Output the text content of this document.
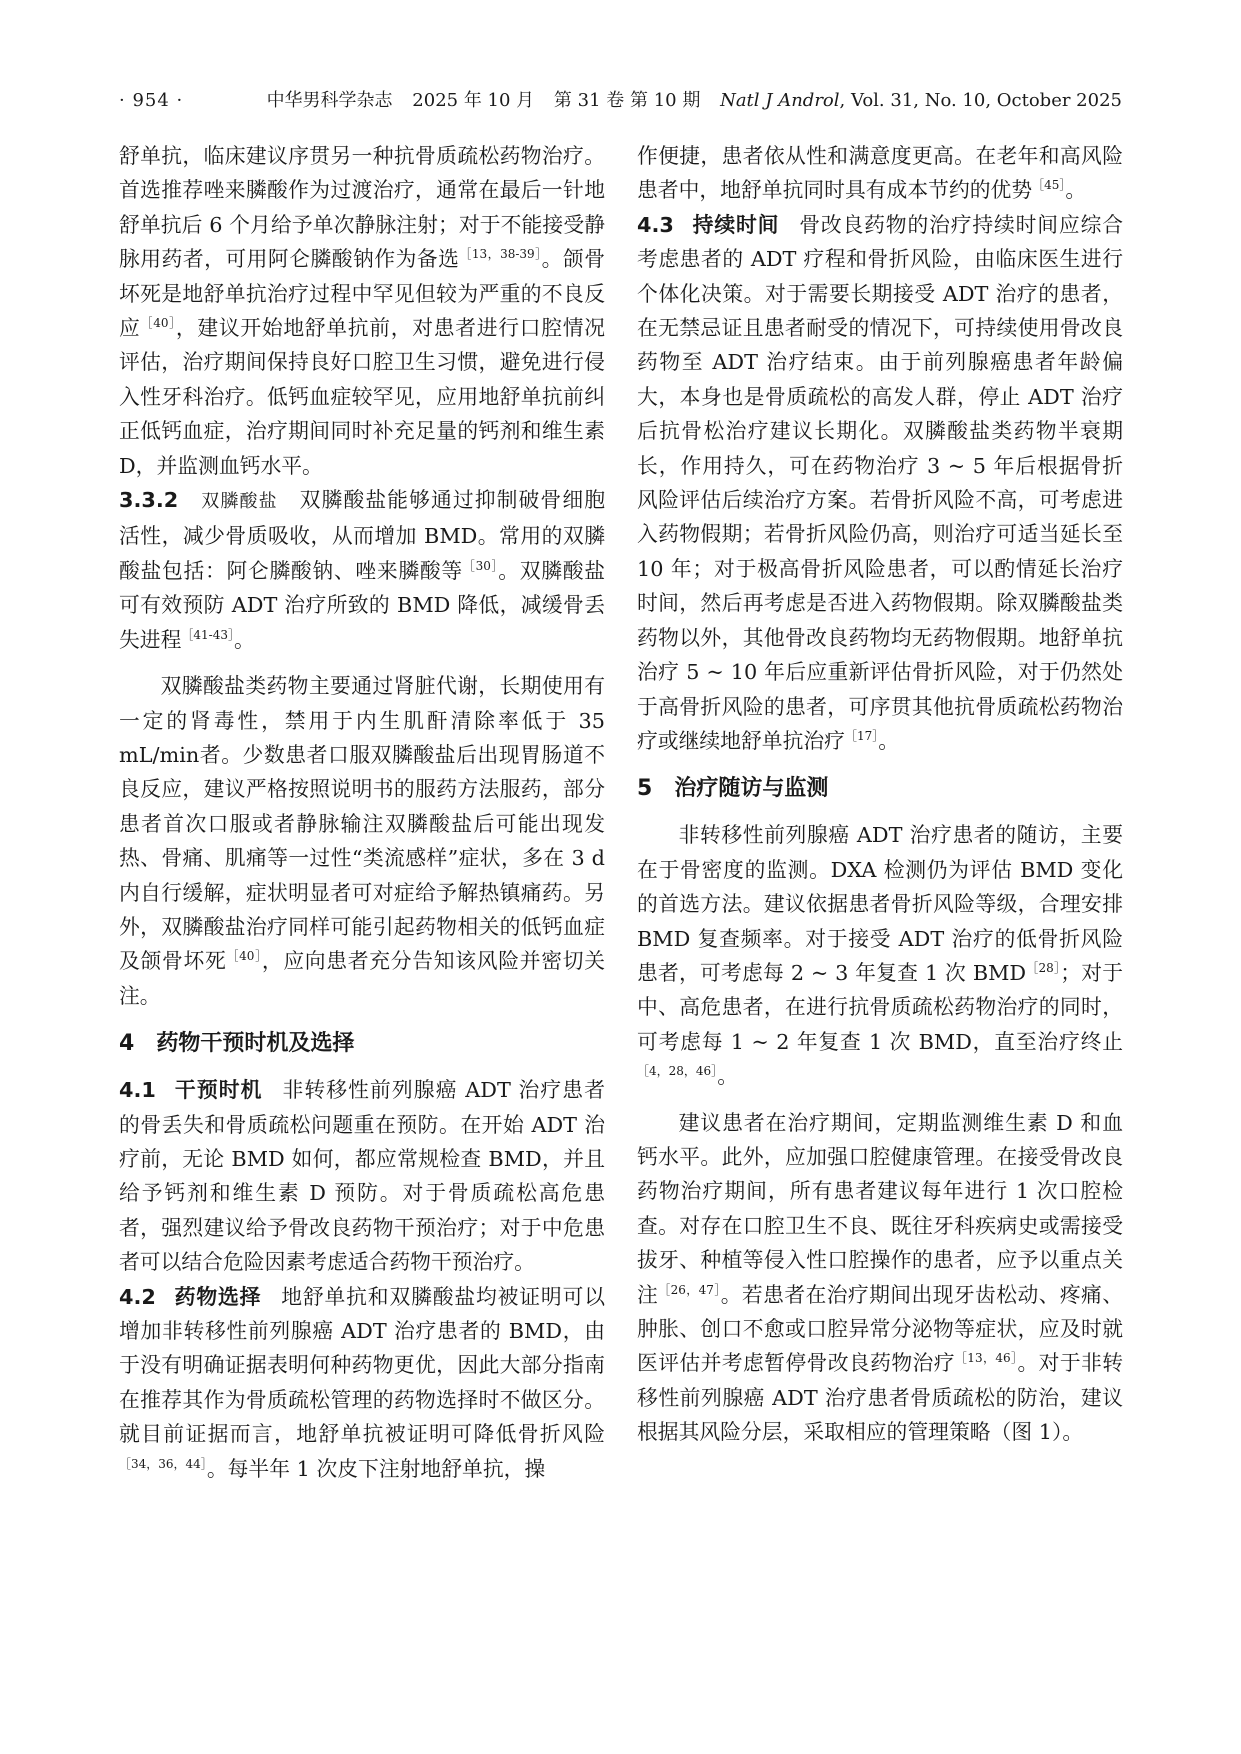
· 954 ·	中华男科学杂志 2025 年 10 月 第 31 卷 第 10 期 Natl J Androl, Vol. 31, No. 10, October 2025

舒单抗，临床建议序贯另一种抗骨质疏松药物治疗。首选推荐唑来膦酸作为过渡治疗，通常在最后一针地舒单抗后 6 个月给予单次静脉注射；对于不能接受静脉用药者，可用阿仑膦酸钠作为备选$^{[13,38-39]}$。颌骨坏死是地舒单抗治疗过程中罕见但较为严重的不良反应$^{[40]}$，建议开始地舒单抗前，对患者进行口腔情况评估，治疗期间保持良好口腔卫生习惯，避免进行侵入性牙科治疗。低钙血症较罕见，应用地舒单抗前纠正低钙血症，治疗期间同时补充足量的钙剂和维生素 D，并监测血钙水平。

3.3.2 双膦酸盐 双膦酸盐能够通过抑制破骨细胞活性，减少骨质吸收，从而增加 BMD。常用的双膦酸盐包括：阿仑膦酸钠、唑来膦酸等$^{[30]}$。双膦酸盐可有效预防 ADT 治疗所致的 BMD 降低，减缓骨丢失进程$^{[41-43]}$。

双膦酸盐类药物主要通过肾脏代谢，长期使用有一定的肾毒性，禁用于内生肌酐清除率低于 35 mL/min者。少数患者口服双膦酸盐后出现胃肠道不良反应，建议严格按照说明书的服药方法服药，部分患者首次口服或者静脉输注双膦酸盐后可能出现发热、骨痛、肌痛等一过性“类流感样”症状，多在 3 d 内自行缓解，症状明显者可对症给予解热镇痛药。另外，双膦酸盐治疗同样可能引起药物相关的低钙血症及颌骨坏死$^{[40]}$，应向患者充分告知该风险并密切关注。

4 药物干预时机及选择

4.1 干预时机 非转移性前列腺癌 ADT 治疗患者的骨丢失和骨质疏松问题重在预防。在开始 ADT 治疗前，无论 BMD 如何，都应常规检查 BMD，并且给予钙剂和维生素 D 预防。对于骨质疏松高危患者，强烈建议给予骨改良药物干预治疗；对于中危患者可以结合危险因素考虑适合药物干预治疗。

4.2 药物选择 地舒单抗和双膦酸盐均被证明可以增加非转移性前列腺癌 ADT 治疗患者的 BMD，由于没有明确证据表明何种药物更优，因此大部分指南在推荐其作为骨质疏松管理的药物选择时不做区分。就目前证据而言，地舒单抗被证明可降低骨折风险$^{[34,36,44]}$。每半年 1 次皮下注射地舒单抗，操

作便捷，患者依从性和满意度更高。在老年和高风险患者中，地舒单抗同时具有成本节约的优势$^{[45]}$。

4.3 持续时间 骨改良药物的治疗持续时间应综合考虑患者的 ADT 疗程和骨折风险，由临床医生进行个体化决策。对于需要长期接受 ADT 治疗的患者，在无禁忌证且患者耐受的情况下，可持续使用骨改良药物至 ADT 治疗结束。由于前列腺癌患者年龄偏大，本身也是骨质疏松的高发人群，停止 ADT 治疗后抗骨松治疗建议长期化。双膦酸盐类药物半衰期长，作用持久，可在药物治疗 3 ~ 5 年后根据骨折风险评估后续治疗方案。若骨折风险不高，可考虑进入药物假期；若骨折风险仍高，则治疗可适当延长至 10 年；对于极高骨折风险患者，可以酌情延长治疗时间，然后再考虑是否进入药物假期。除双膦酸盐类药物以外，其他骨改良药物均无药物假期。地舒单抗治疗 5 ~ 10 年后应重新评估骨折风险，对于仍然处于高骨折风险的患者，可序贯其他抗骨质疏松药物治疗或继续地舒单抗治疗$^{[17]}$。

5 治疗随访与监测

非转移性前列腺癌 ADT 治疗患者的随访，主要在于骨密度的监测。DXA 检测仍为评估 BMD 变化的首选方法。建议依据患者骨折风险等级，合理安排 BMD 复查频率。对于接受 ADT 治疗的低骨折风险患者，可考虑每 2 ~ 3 年复查 1 次 BMD$^{[28]}$；对于中、高危患者，在进行抗骨质疏松药物治疗的同时，可考虑每 1 ~ 2 年复查 1 次 BMD，直至治疗终止$^{[4,28,46]}$。

建议患者在治疗期间，定期监测维生素 D 和血钙水平。此外，应加强口腔健康管理。在接受骨改良药物治疗期间，所有患者建议每年进行 1 次口腔检查。对存在口腔卫生不良、既往牙科疾病史或需接受拔牙、种植等侵入性口腔操作的患者，应予以重点关注$^{[26,47]}$。若患者在治疗期间出现牙齿松动、疼痛、肿胀、创口不愈或口腔异常分泌物等症状，应及时就医评估并考虑暂停骨改良药物治疗$^{[13,46]}$。对于非转移性前列腺癌 ADT 治疗患者骨质疏松的防治，建议根据其风险分层，采取相应的管理策略（图 1）。
